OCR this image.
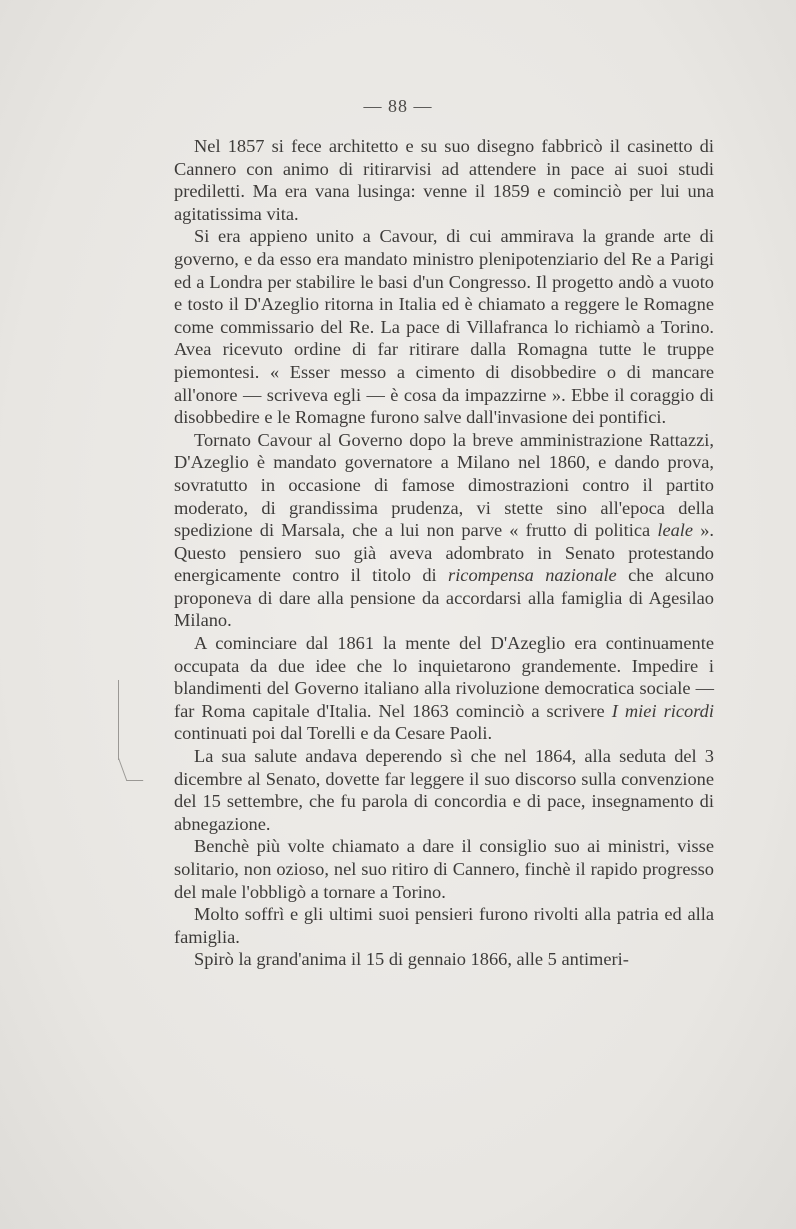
— 88 —

Nel 1857 si fece architetto e su suo disegno fabbricò il casinetto di Cannero con animo di ritirarvisi ad attendere in pace ai suoi studi prediletti. Ma era vana lusinga: venne il 1859 e cominciò per lui una agitatissima vita.

Si era appieno unito a Cavour, di cui ammirava la grande arte di governo, e da esso era mandato ministro plenipotenziario del Re a Parigi ed a Londra per stabilire le basi d'un Congresso. Il progetto andò a vuoto e tosto il D'Azeglio ritorna in Italia ed è chiamato a reggere le Romagne come commissario del Re. La pace di Villafranca lo richiamò a Torino. Avea ricevuto ordine di far ritirare dalla Romagna tutte le truppe piemontesi. « Esser messo a cimento di disobbedire o di mancare all'onore — scriveva egli — è cosa da impazzirne ». Ebbe il coraggio di disobbedire e le Romagne furono salve dall'invasione dei pontifici.

Tornato Cavour al Governo dopo la breve amministrazione Rattazzi, D'Azeglio è mandato governatore a Milano nel 1860, e dando prova, sovratutto in occasione di famose dimostrazioni contro il partito moderato, di grandissima prudenza, vi stette sino all'epoca della spedizione di Marsala, che a lui non parve « frutto di politica leale ». Questo pensiero suo già aveva adombrato in Senato protestando energicamente contro il titolo di ricompensa nazionale che alcuno proponeva di dare alla pensione da accordarsi alla famiglia di Agesilao Milano.

A cominciare dal 1861 la mente del D'Azeglio era continuamente occupata da due idee che lo inquietarono grandemente. Impedire i blandimenti del Governo italiano alla rivoluzione democratica sociale — far Roma capitale d'Italia. Nel 1863 cominciò a scrivere I miei ricordi continuati poi dal Torelli e da Cesare Paoli.

La sua salute andava deperendo sì che nel 1864, alla seduta del 3 dicembre al Senato, dovette far leggere il suo discorso sulla convenzione del 15 settembre, che fu parola di concordia e di pace, insegnamento di abnegazione.

Benchè più volte chiamato a dare il consiglio suo ai ministri, visse solitario, non ozioso, nel suo ritiro di Cannero, finchè il rapido progresso del male l'obbligò a tornare a Torino.

Molto soffrì e gli ultimi suoi pensieri furono rivolti alla patria ed alla famiglia.

Spirò la grand'anima il 15 di gennaio 1866, alle 5 antimeri-
